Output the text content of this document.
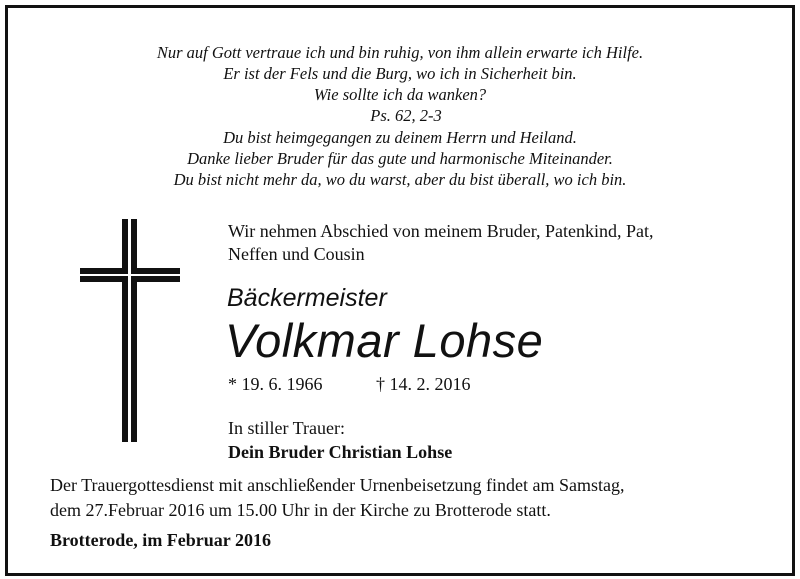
Nur auf Gott vertraue ich und bin ruhig, von ihm allein erwarte ich Hilfe.
Er ist der Fels und die Burg, wo ich in Sicherheit bin.
Wie sollte ich da wanken?
Ps. 62, 2-3
Du bist heimgegangen zu deinem Herrn und Heiland.
Danke lieber Bruder für das gute und harmonische Miteinander.
Du bist nicht mehr da, wo du warst, aber du bist überall, wo ich bin.
Wir nehmen Abschied von meinem Bruder, Patenkind, Pat,
Neffen und Cousin
Bäckermeister
Volkmar Lohse
* 19. 6. 1966	† 14. 2. 2016
In stiller Trauer:
Dein Bruder Christian Lohse
Der Trauergottesdienst mit anschließender Urnenbeisetzung findet am Samstag,
dem 27.Februar 2016 um 15.00 Uhr in der Kirche zu Brotterode statt.
Brotterode, im Februar 2016
